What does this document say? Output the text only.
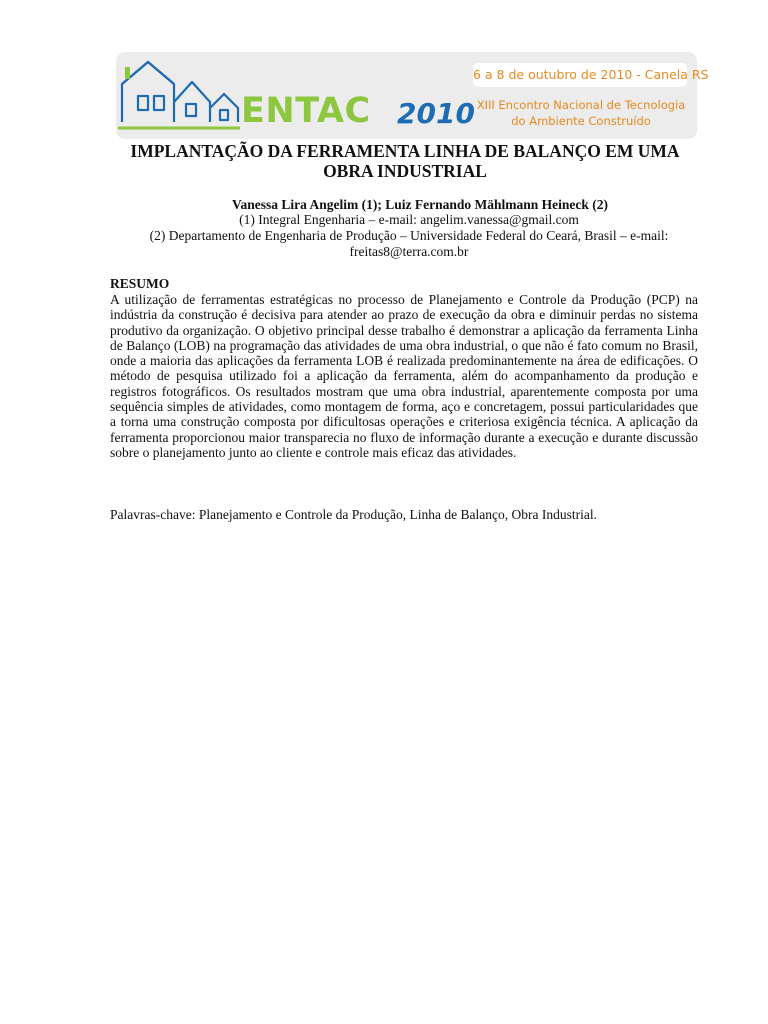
6 a 8 de outubro de 2010 - Canela RS
ENTAC 2010 XIII Encontro Nacional de Tecnologia
do Ambiente Construído
IMPLANTAÇÃO DA FERRAMENTA LINHA DE BALANÇO EM UMA OBRA INDUSTRIAL
Vanessa Lira Angelim (1); Luiz Fernando Mählmann Heineck (2)
(1) Integral Engenharia – e-mail: angelim.vanessa@gmail.com
(2) Departamento de Engenharia de Produção – Universidade Federal do Ceará, Brasil – e-mail: freitas8@terra.com.br
RESUMO

A utilização de ferramentas estratégicas no processo de Planejamento e Controle da Produção (PCP) na indústria da construção é decisiva para atender ao prazo de execução da obra e diminuir perdas no sistema produtivo da organização. O objetivo principal desse trabalho é demonstrar a aplicação da ferramenta Linha de Balanço (LOB) na programação das atividades de uma obra industrial, o que não é fato comum no Brasil, onde a maioria das aplicações da ferramenta LOB é realizada predominantemente na área de edificações. O método de pesquisa utilizado foi a aplicação da ferramenta, além do acompanhamento da produção e registros fotográficos. Os resultados mostram que uma obra industrial, aparentemente composta por uma sequência simples de atividades, como montagem de forma, aço e concretagem, possui particularidades que a torna uma construção composta por dificultosas operações e criteriosa exigência técnica. A aplicação da ferramenta proporcionou maior transparecia no fluxo de informação durante a execução e durante discussão sobre o planejamento junto ao cliente e controle mais eficaz das atividades.

Palavras-chave: Planejamento e Controle da Produção, Linha de Balanço, Obra Industrial.
